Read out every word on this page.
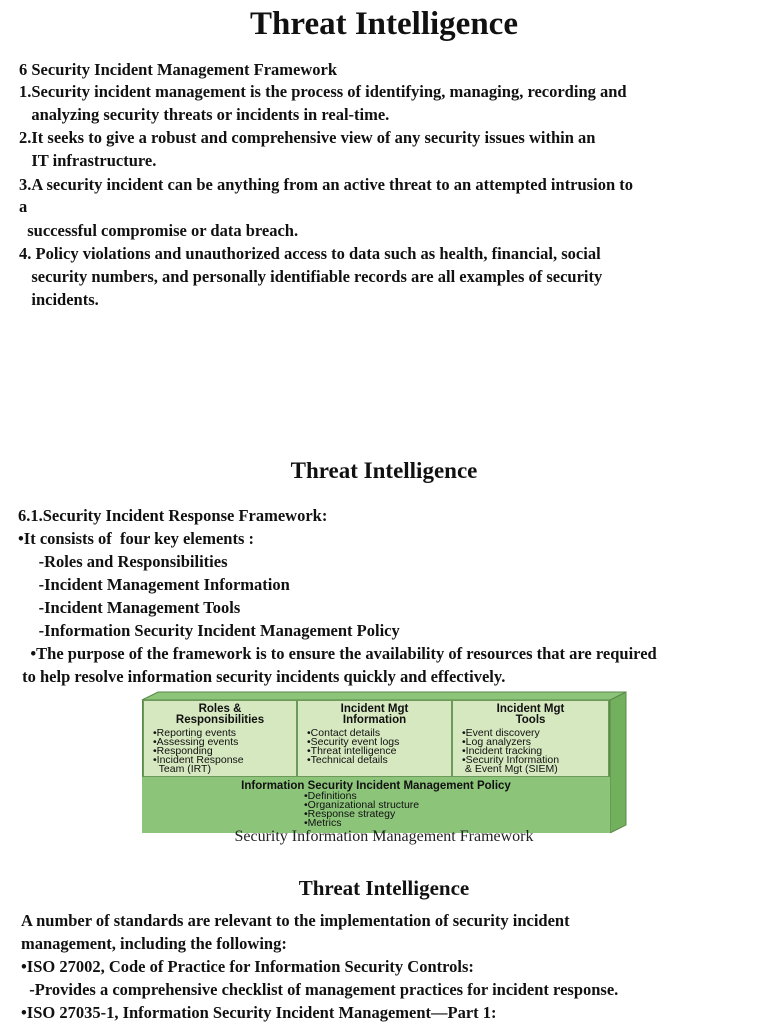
Threat Intelligence
6 Security Incident Management Framework
1.Security incident management is the process of identifying, managing, recording and
analyzing security threats or incidents in real-time.
2.It seeks to give a robust and comprehensive view of any security issues within an
IT infrastructure.
3.A security incident can be anything from an active threat to an attempted intrusion to
a
successful compromise or data breach.
4. Policy violations and unauthorized access to data such as health, financial, social
security numbers, and personally identifiable records are all examples of security
incidents.
Threat Intelligence
6.1.Security Incident Response Framework:
•It consists of  four key elements :
-Roles and Responsibilities
-Incident Management Information
-Incident Management Tools
-Information Security Incident Management Policy
•The purpose of the framework is to ensure the availability of resources that are required
to help resolve information security incidents quickly and effectively.
Roles &
Responsibilities
•Reporting events
•Assessing events
•Responding
•Incident Response
Team (IRT)
Incident Mgt
Information
•Contact details
•Security event logs
•Threat intelligence
•Technical details
Incident Mgt
Tools
•Event discovery
•Log analyzers
•Incident tracking
•Security Information
& Event Mgt (SIEM)
Information Security Incident Management Policy
•Definitions
•Organizational structure
•Response strategy
•Metrics
Security Information Management Framework
Threat Intelligence
A number of standards are relevant to the implementation of security incident
management, including the following:
•ISO 27002, Code of Practice for Information Security Controls:
-Provides a comprehensive checklist of management practices for incident response.
•ISO 27035-1, Information Security Incident Management—Part 1:
